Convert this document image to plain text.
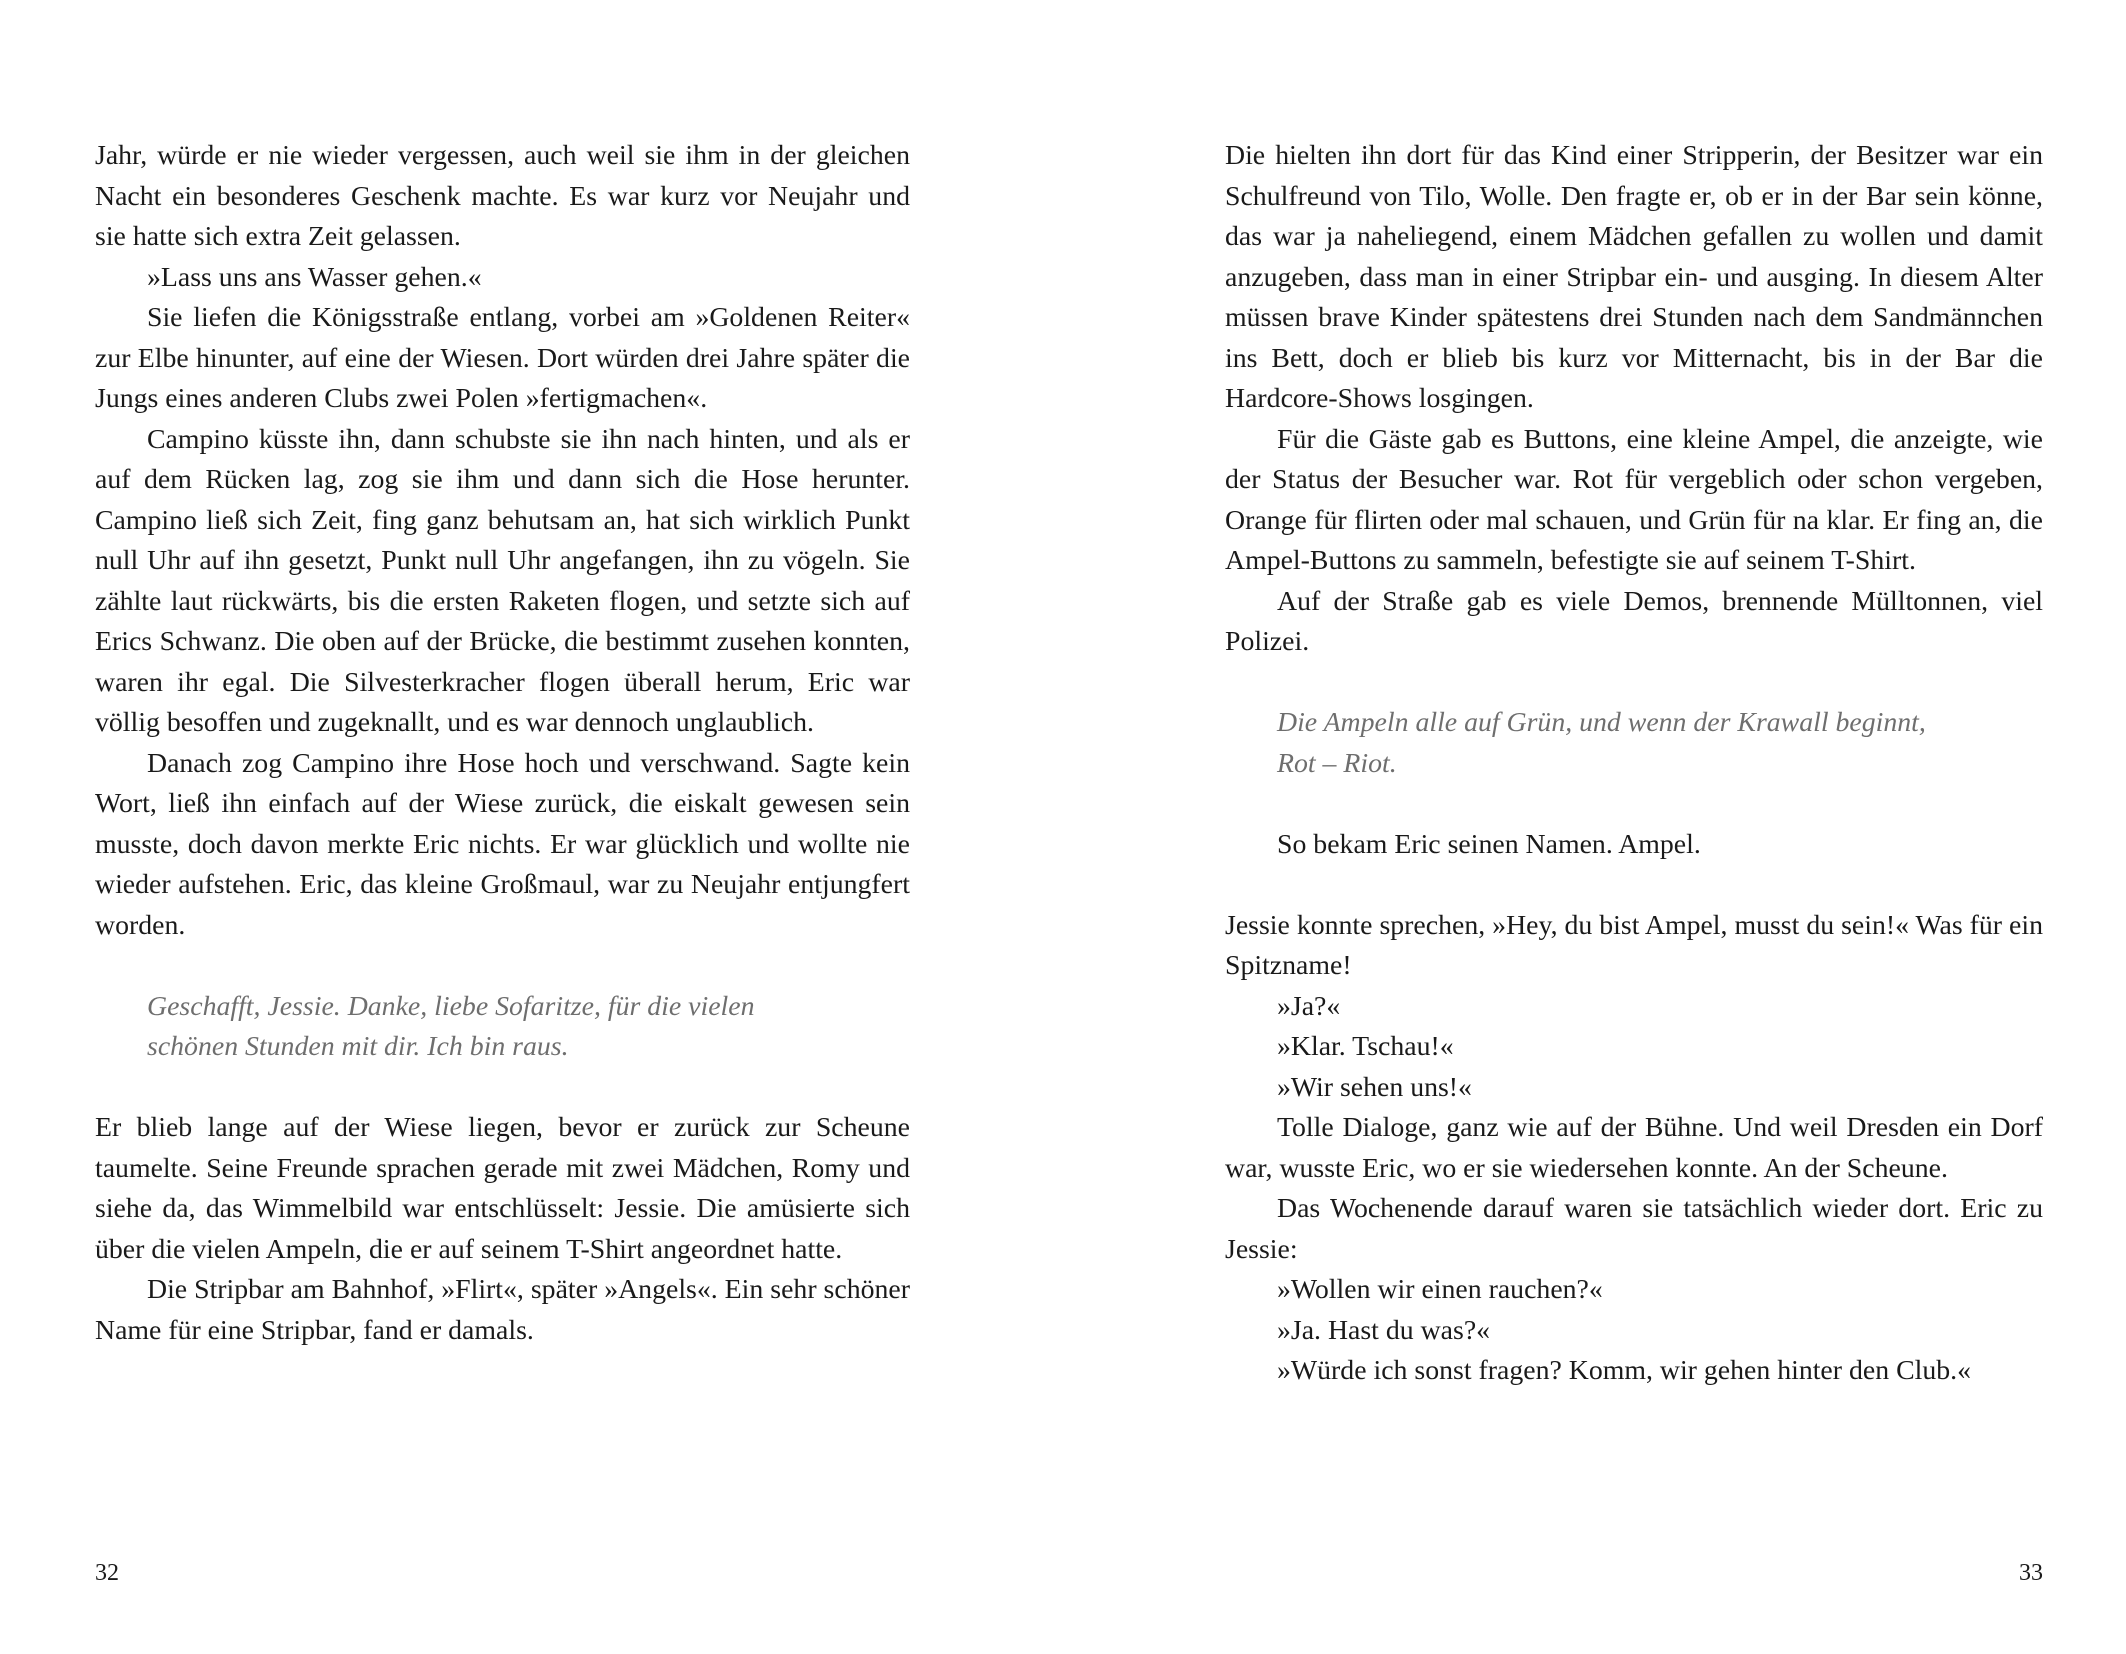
Jahr, würde er nie wieder vergessen, auch weil sie ihm in der gleichen Nacht ein besonderes Geschenk machte. Es war kurz vor Neujahr und sie hatte sich extra Zeit gelassen.

»Lass uns ans Wasser gehen.«

Sie liefen die Königsstraße entlang, vorbei am »Goldenen Reiter« zur Elbe hinunter, auf eine der Wiesen. Dort würden drei Jahre später die Jungs eines anderen Clubs zwei Polen »fertigmachen«.

Campino küsste ihn, dann schubste sie ihn nach hinten, und als er auf dem Rücken lag, zog sie ihm und dann sich die Hose herunter. Campino ließ sich Zeit, fing ganz behutsam an, hat sich wirklich Punkt null Uhr auf ihn gesetzt, Punkt null Uhr angefangen, ihn zu vögeln. Sie zählte laut rückwärts, bis die ersten Raketen flogen, und setzte sich auf Erics Schwanz. Die oben auf der Brücke, die bestimmt zusehen konnten, waren ihr egal. Die Silvesterkracher flogen überall herum, Eric war völlig besoffen und zugeknallt, und es war dennoch unglaublich.

Danach zog Campino ihre Hose hoch und verschwand. Sagte kein Wort, ließ ihn einfach auf der Wiese zurück, die eiskalt gewesen sein musste, doch davon merkte Eric nichts. Er war glücklich und wollte nie wieder aufstehen. Eric, das kleine Großmaul, war zu Neujahr entjungfert worden.

Geschafft, Jessie. Danke, liebe Sofaritze, für die vielen
schönen Stunden mit dir. Ich bin raus.

Er blieb lange auf der Wiese liegen, bevor er zurück zur Scheune taumelte. Seine Freunde sprachen gerade mit zwei Mädchen, Romy und siehe da, das Wimmelbild war entschlüsselt: Jessie. Die amüsierte sich über die vielen Ampeln, die er auf seinem T-Shirt angeordnet hatte.

Die Stripbar am Bahnhof, »Flirt«, später »Angels«. Ein sehr schöner Name für eine Stripbar, fand er damals.

32

Die hielten ihn dort für das Kind einer Stripperin, der Besitzer war ein Schulfreund von Tilo, Wolle. Den fragte er, ob er in der Bar sein könne, das war ja naheliegend, einem Mädchen gefallen zu wollen und damit anzugeben, dass man in einer Stripbar ein- und ausging. In diesem Alter müssen brave Kinder spätestens drei Stunden nach dem Sandmännchen ins Bett, doch er blieb bis kurz vor Mitternacht, bis in der Bar die Hardcore-Shows losgingen.

Für die Gäste gab es Buttons, eine kleine Ampel, die anzeigte, wie der Status der Besucher war. Rot für vergeblich oder schon vergeben, Orange für flirten oder mal schauen, und Grün für na klar. Er fing an, die Ampel-Buttons zu sammeln, befestigte sie auf seinem T-Shirt.

Auf der Straße gab es viele Demos, brennende Mülltonnen, viel Polizei.

Die Ampeln alle auf Grün, und wenn der Krawall beginnt,
Rot – Riot.

So bekam Eric seinen Namen. Ampel.

Jessie konnte sprechen, »Hey, du bist Ampel, musst du sein!« Was für ein Spitzname!

»Ja?«

»Klar. Tschau!«

»Wir sehen uns!«

Tolle Dialoge, ganz wie auf der Bühne. Und weil Dresden ein Dorf war, wusste Eric, wo er sie wiedersehen konnte. An der Scheune.

Das Wochenende darauf waren sie tatsächlich wieder dort. Eric zu Jessie:

»Wollen wir einen rauchen?«

»Ja. Hast du was?«

»Würde ich sonst fragen? Komm, wir gehen hinter den Club.«

33
